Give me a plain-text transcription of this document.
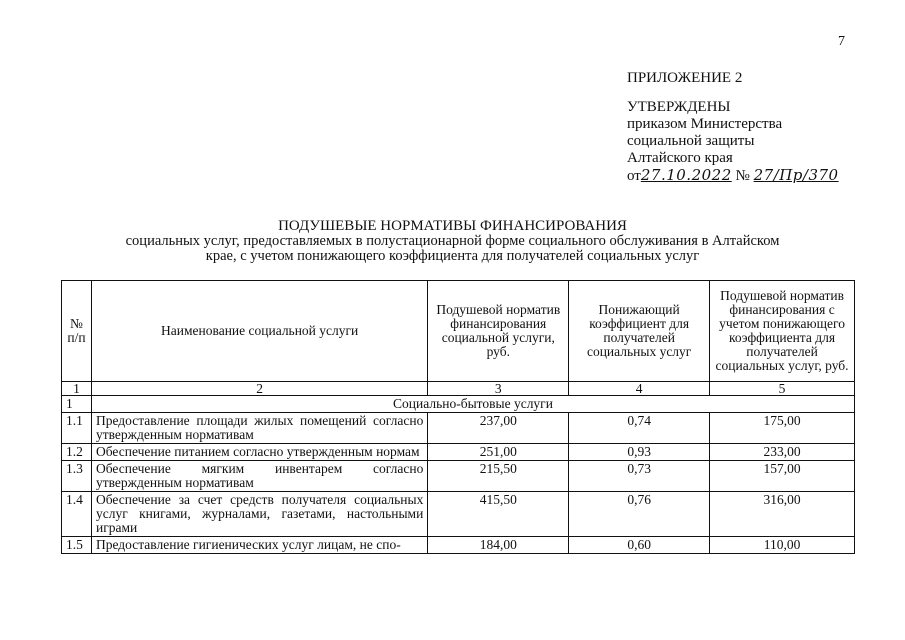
7
ПРИЛОЖЕНИЕ 2
УТВЕРЖДЕНЫ
приказом Министерства
социальной защиты
Алтайского края
от27.10.2022 № 27/Пр/370
ПОДУШЕВЫЕ НОРМАТИВЫ ФИНАНСИРОВАНИЯ
социальных услуг, предоставляемых в полустационарной форме социального обслуживания в Алтайском
крае, с учетом понижающего коэффициента для получателей социальных услуг
№ п/п	Наименование социальной услуги	Подушевой норматив финансирования социальной услуги, руб.	Понижающий коэффициент для получателей социальных услуг	Подушевой норматив финансирования с учетом понижающего коэффициента для получателей социальных услуг, руб.
1	2	3	4	5
1	Социально-бытовые услуги			
1.1	Предоставление площади жилых помещений согласно утвержденным нормативам	237,00	0,74	175,00
1.2	Обеспечение питанием согласно утвержденным нормам	251,00	0,93	233,00
1.3	Обеспечение мягким инвентарем согласно утвержденным нормативам	215,50	0,73	157,00
1.4	Обеспечение за счет средств получателя социальных услуг книгами, журналами, газетами, настольными играми	415,50	0,76	316,00
1.5	Предоставление гигиенических услуг лицам, не спо-	184,00	0,60	110,00
